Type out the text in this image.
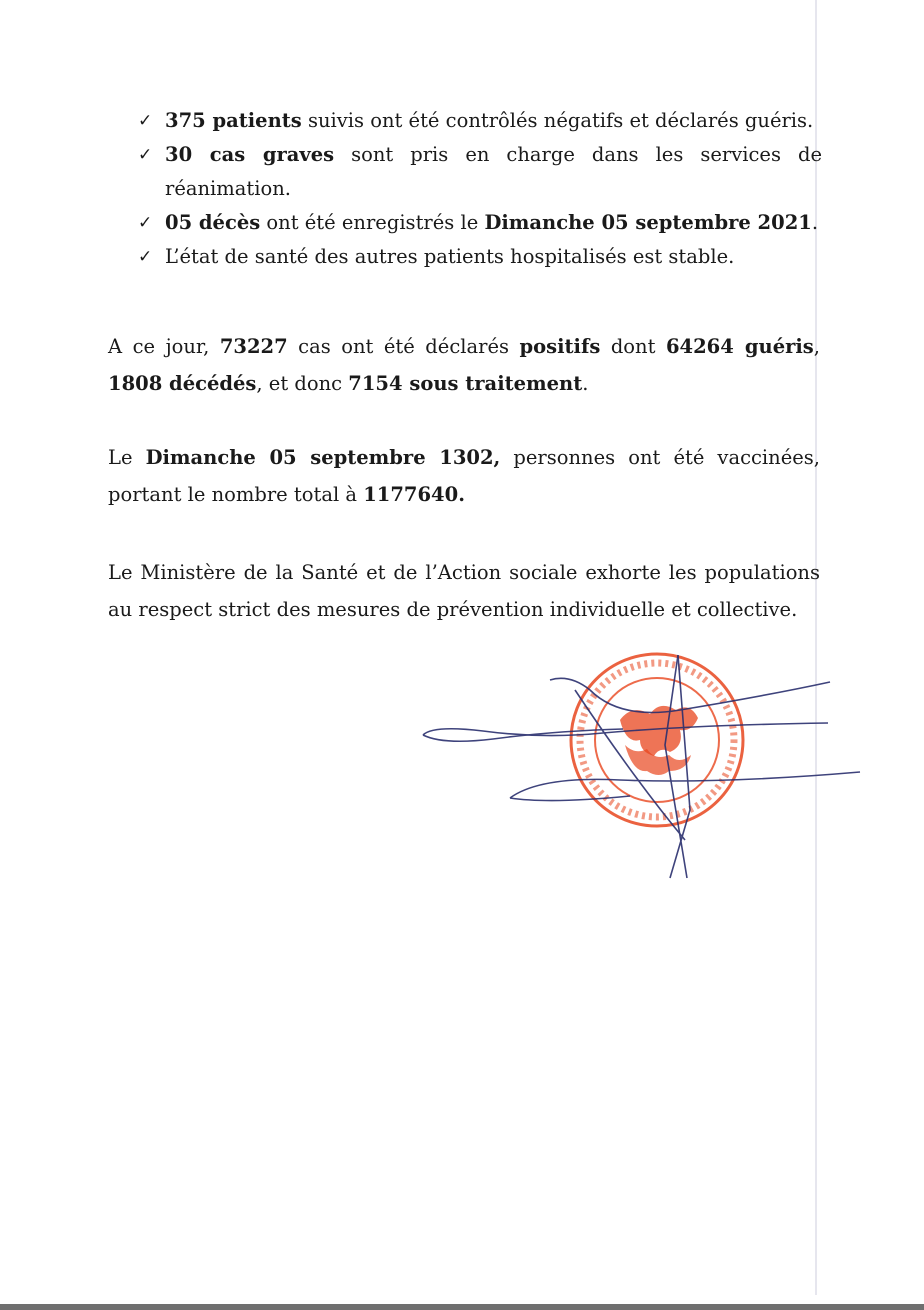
✓ 375 patients suivis ont été contrôlés négatifs et déclarés guéris.
✓ 30 cas graves sont pris en charge dans les services de réanimation.
✓ 05 décès ont été enregistrés le Dimanche 05 septembre 2021.
✓ L’état de santé des autres patients hospitalisés est stable.

A ce jour, 73227 cas ont été déclarés positifs dont 64264 guéris, 1808 décédés, et donc 7154 sous traitement.

Le Dimanche 05 septembre 1302, personnes ont été vaccinées, portant le nombre total à 1177640.

Le Ministère de la Santé et de l’Action sociale exhorte les populations au respect strict des mesures de prévention individuelle et collective.
